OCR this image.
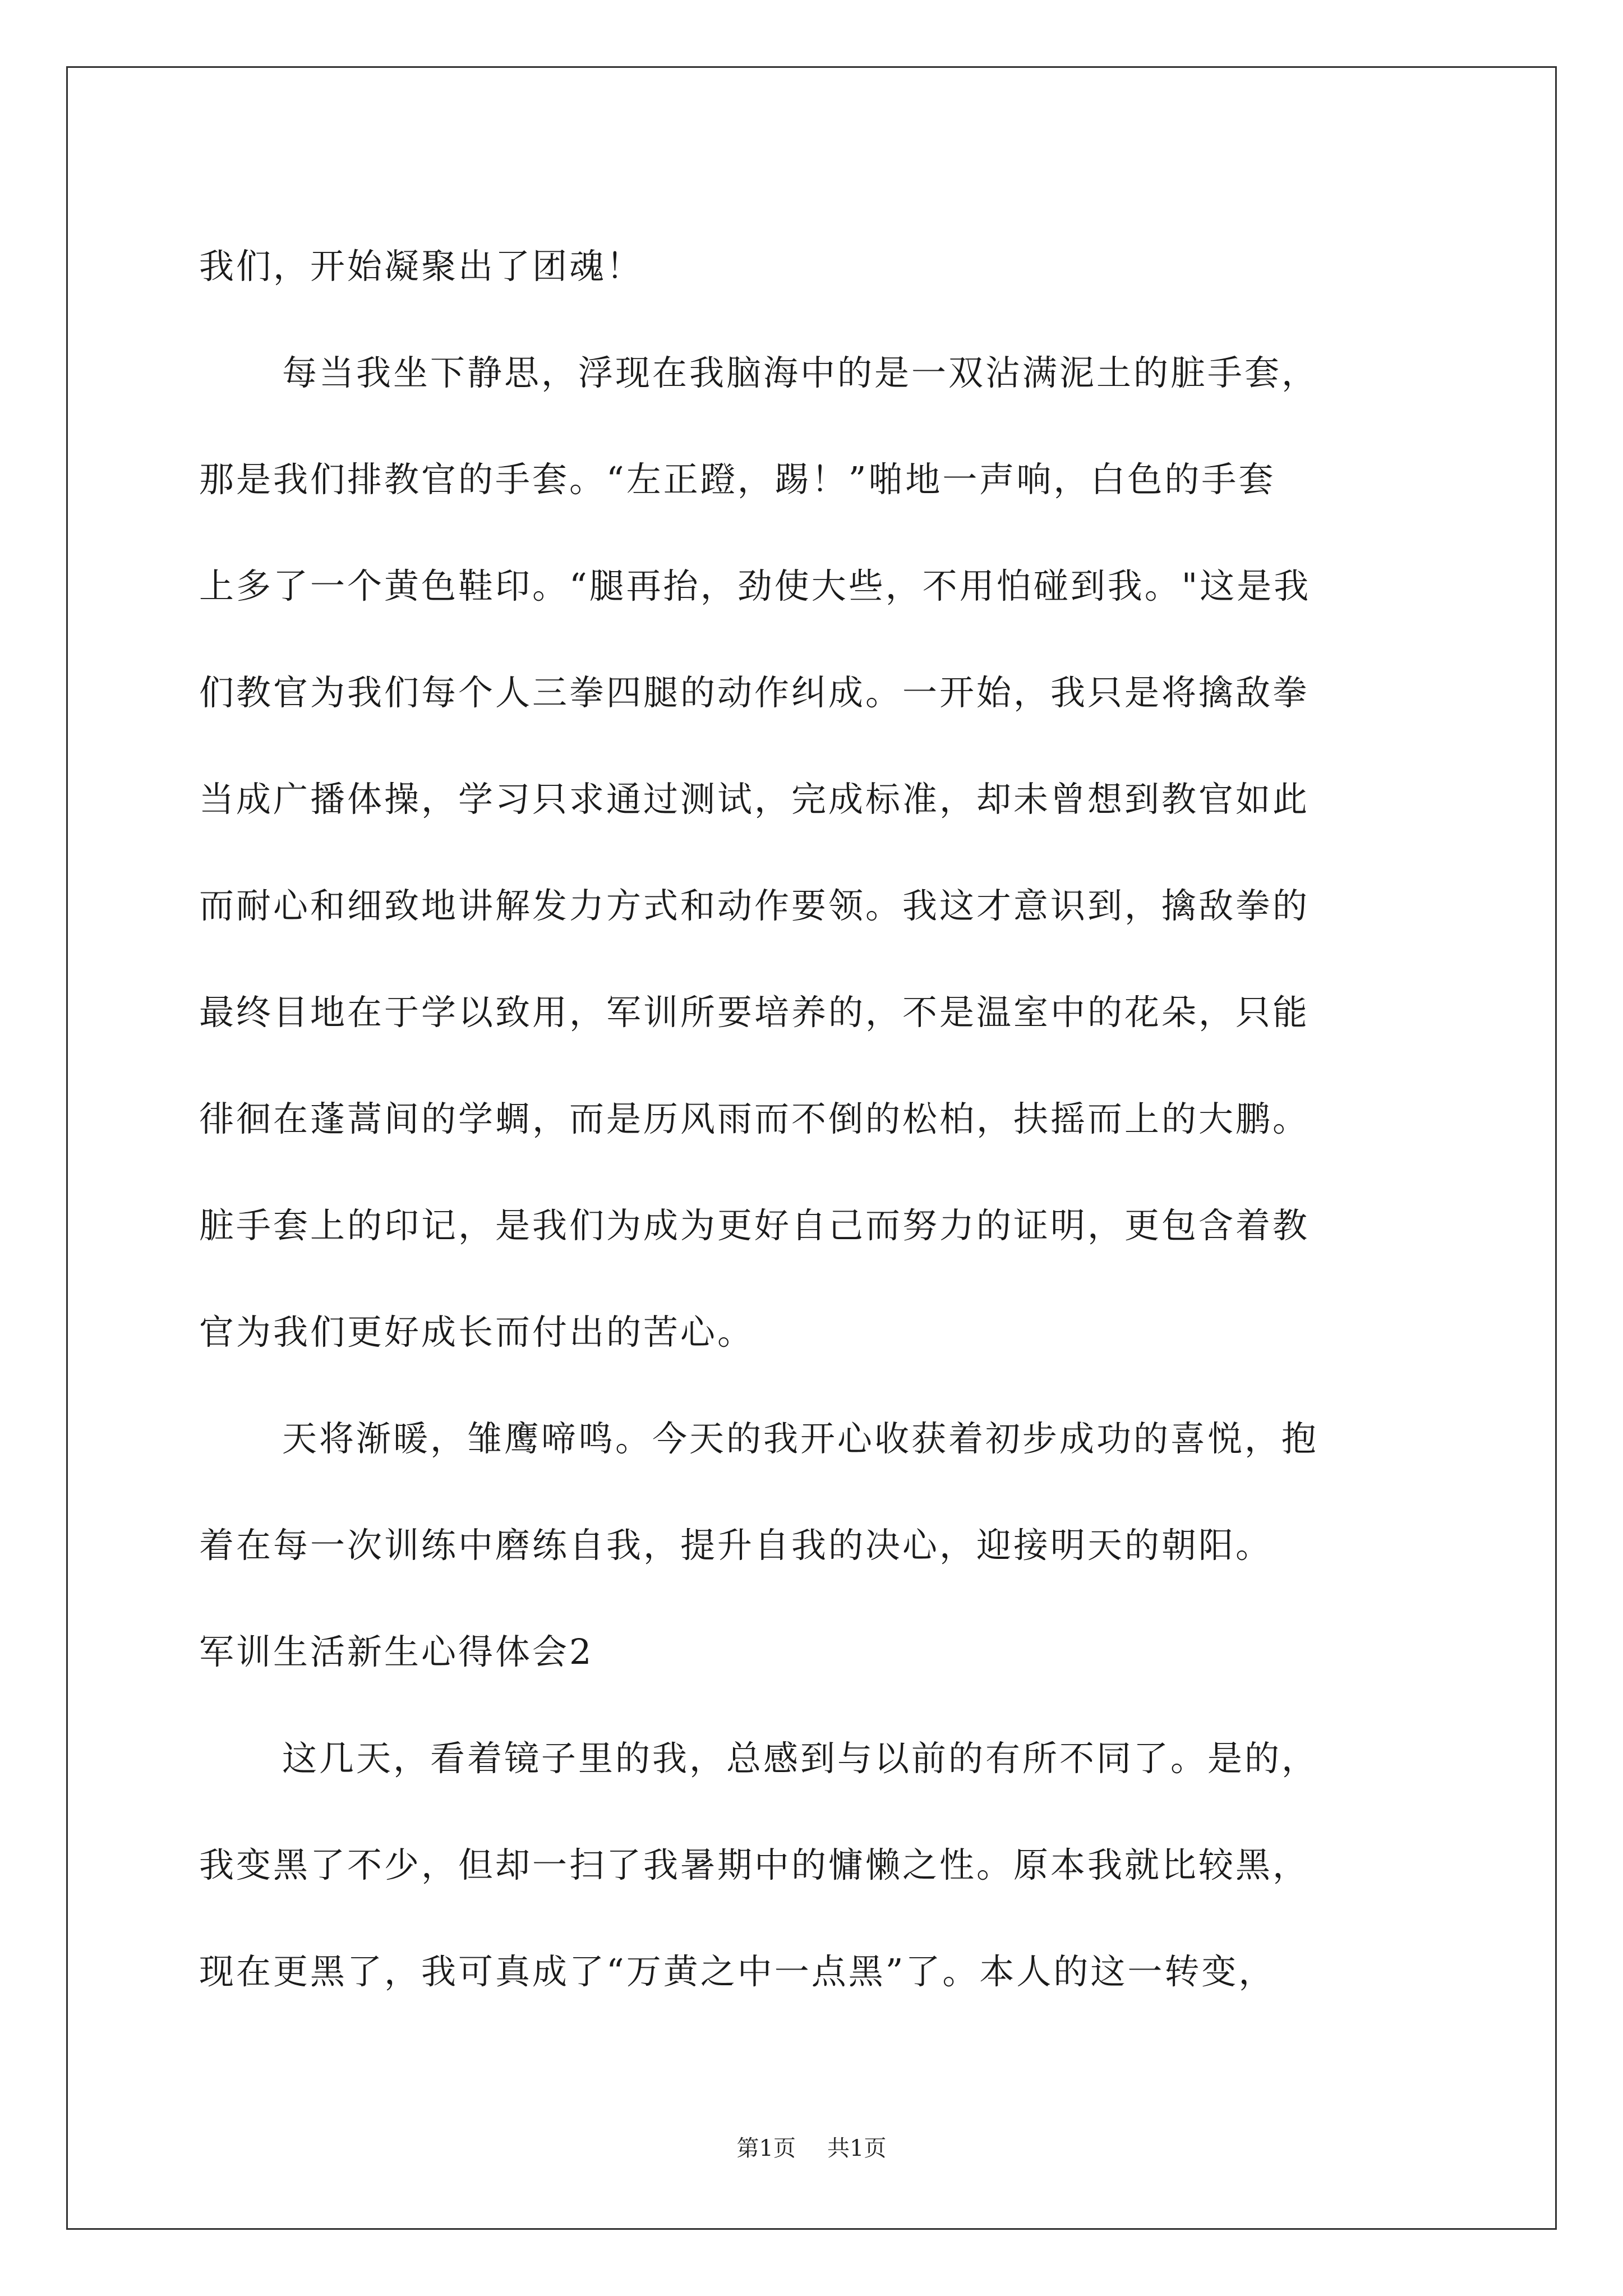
我们，开始凝聚出了团魂！
每当我坐下静思，浮现在我脑海中的是一双沾满泥土的脏手套，
那是我们排教官的手套。“左正蹬，踢！”啪地一声响，白色的手套
上多了一个黄色鞋印。“腿再抬，劲使大些，不用怕碰到我。"这是我
们教官为我们每个人三拳四腿的动作纠成。一开始，我只是将擒敌拳
当成广播体操，学习只求通过测试，完成标准，却未曾想到教官如此
而耐心和细致地讲解发力方式和动作要领。我这才意识到，擒敌拳的
最终目地在于学以致用，军训所要培养的，不是温室中的花朵，只能
徘徊在蓬蒿间的学蜩，而是历风雨而不倒的松柏，扶摇而上的大鹏。
脏手套上的印记，是我们为成为更好自己而努力的证明，更包含着教
官为我们更好成长而付出的苦心。
天将渐暖，雏鹰啼鸣。今天的我开心收获着初步成功的喜悦，抱
着在每一次训练中磨练自我，提升自我的决心，迎接明天的朝阳。
军训生活新生心得体会2
这几天，看着镜子里的我，总感到与以前的有所不同了。是的，
我变黑了不少，但却一扫了我暑期中的慵懒之性。原本我就比较黑，
现在更黑了，我可真成了“万黄之中一点黑”了。本人的这一转变，
第1页 共1页
